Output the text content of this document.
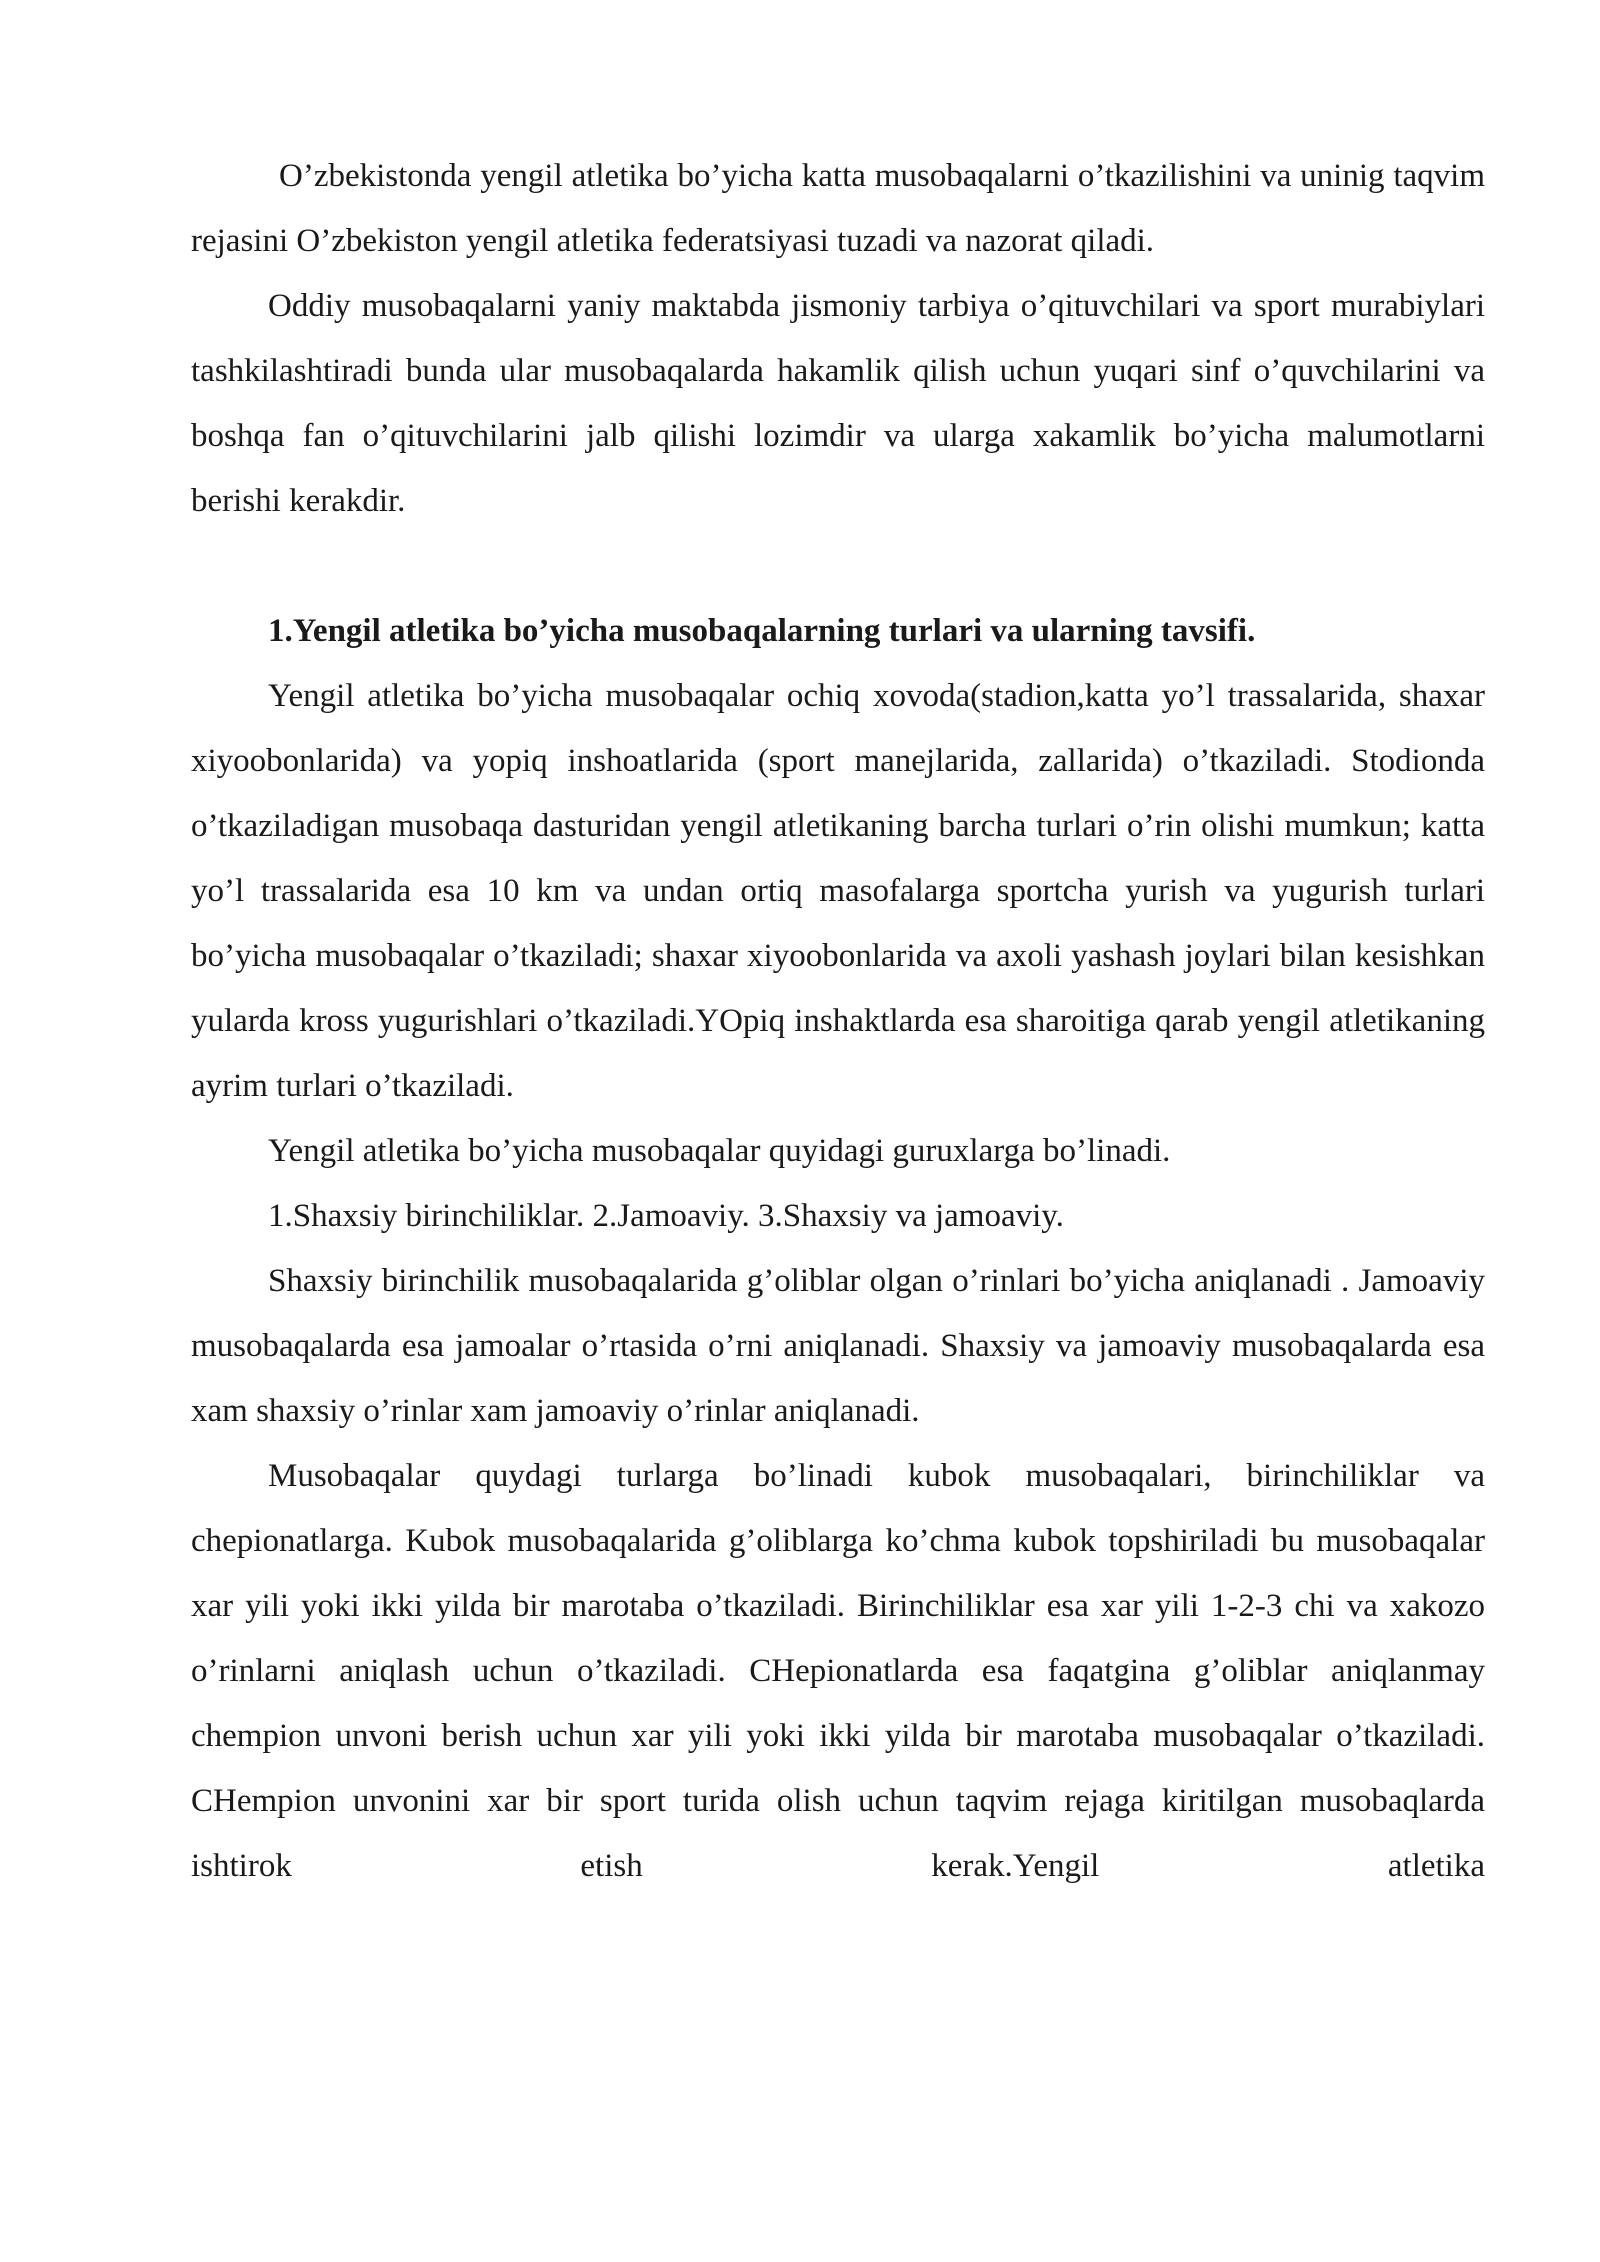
O’zbekistonda yengil atletika bo’yicha katta musobaqalarni o’tkazilishini va uninig taqvim rejasini O’zbekiston yengil atletika federatsiyasi tuzadi va nazorat qiladi.

Oddiy musobaqalarni yaniy maktabda jismoniy tarbiya o’qituvchilari va sport murabiylari tashkilashtiradi bunda ular musobaqalarda hakamlik qilish uchun yuqari sinf o’quvchilarini va boshqa fan o’qituvchilarini jalb qilishi lozimdir va ularga xakamlik bo’yicha malumotlarni berishi kerakdir.

1.Yengil atletika bo’yicha musobaqalarning turlari va ularning tavsifi.

Yengil atletika bo’yicha musobaqalar ochiq xovoda(stadion,katta yo’l trassalarida, shaxar xiyoobonlarida) va yopiq inshoatlarida (sport manejlarida, zallarida) o’tkaziladi. Stodionda o’tkaziladigan musobaqa dasturidan yengil atletikaning barcha turlari o’rin olishi mumkun; katta yo’l trassalarida esa 10 km va undan ortiq masofalarga sportcha yurish va yugurish turlari bo’yicha musobaqalar o’tkaziladi; shaxar xiyoobonlarida va axoli yashash joylari bilan kesishkan yularda kross yugurishlari o’tkaziladi.YOpiq inshaktlarda esa sharoitiga qarab yengil atletikaning ayrim turlari o’tkaziladi.

Yengil atletika bo’yicha musobaqalar quyidagi guruxlarga bo’linadi.

1.Shaxsiy birinchiliklar. 2.Jamoaviy. 3.Shaxsiy va jamoaviy.

Shaxsiy birinchilik musobaqalarida g’oliblar olgan o’rinlari bo’yicha aniqlanadi . Jamoaviy musobaqalarda esa jamoalar o’rtasida o’rni aniqlanadi. Shaxsiy va jamoaviy musobaqalarda esa xam shaxsiy o’rinlar xam jamoaviy o’rinlar aniqlanadi.

Musobaqalar quydagi turlarga bo’linadi kubok musobaqalari, birinchiliklar va chepionatlarga. Kubok musobaqalarida g’oliblarga ko’chma kubok topshiriladi bu musobaqalar xar yili yoki ikki yilda bir marotaba o’tkaziladi. Birinchiliklar esa xar yili 1-2-3 chi va xakozo o’rinlarni aniqlash uchun o’tkaziladi. CHepionatlarda esa faqatgina g’oliblar aniqlanmay chempion unvoni berish uchun xar yili yoki ikki yilda bir marotaba musobaqalar o’tkaziladi. CHempion unvonini xar bir sport turida olish uchun taqvim rejaga kiritilgan musobaqlarda ishtirok etish kerak.Yengil atletika
